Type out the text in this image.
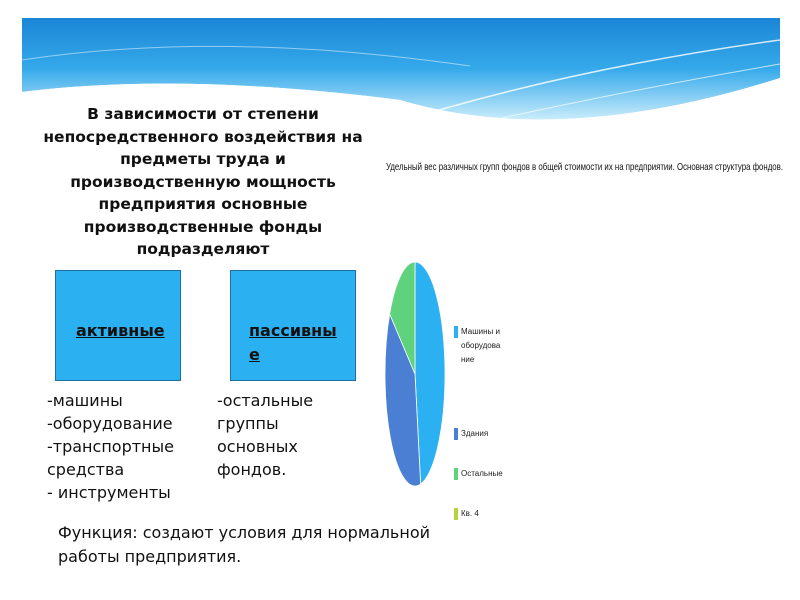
В зависимости от степени непосредственного воздействия на предметы труда и производственную мощность предприятия основные производственные фонды подразделяют
активные	пассивные
-машины
-оборудование
-транспортные средства
- инструменты
-остальные
группы
основных
фондов.
Функция: создают условия для нормальной работы предприятия.
Удельный вес различных групп фондов в общей стоимости их на предприятии. Основная структура фондов.
Машины и оборудова ние
Здания
Остальные
Кв. 4
